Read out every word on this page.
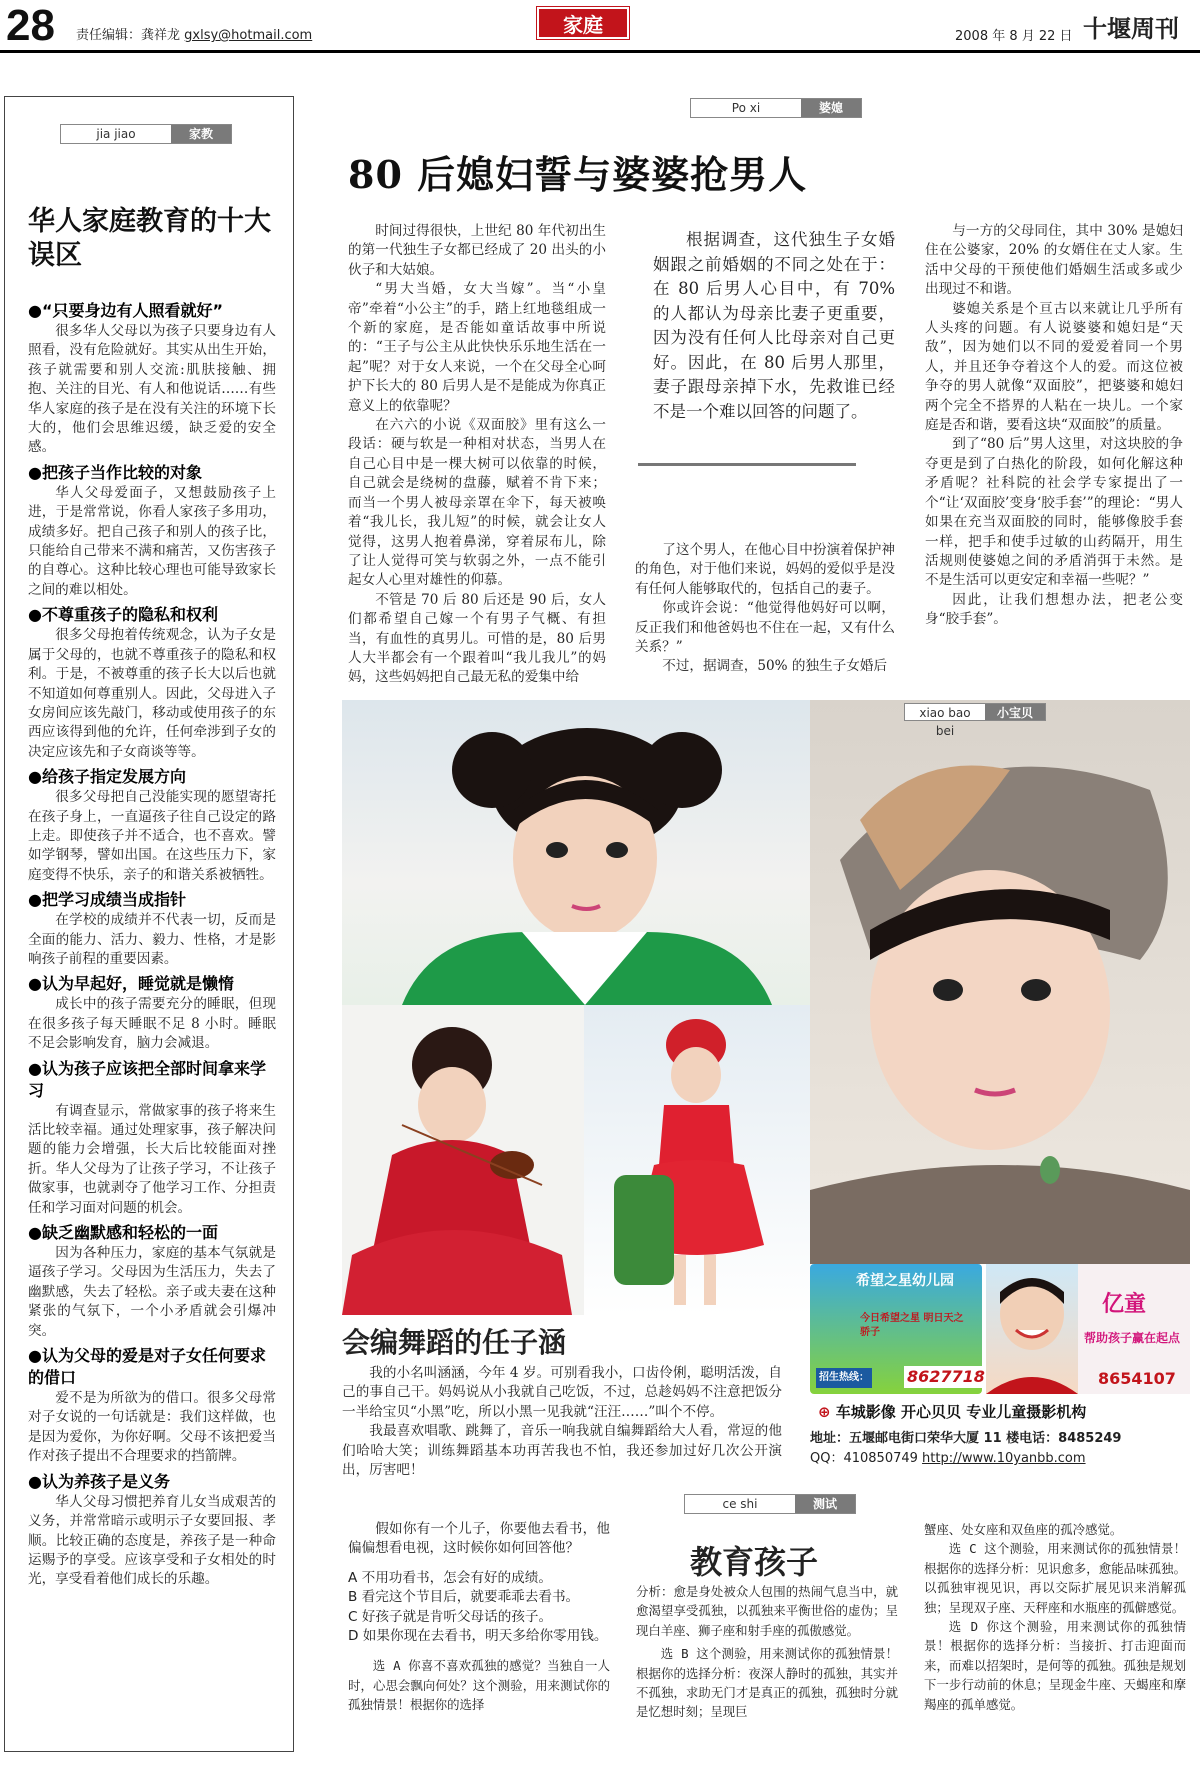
28 责任编辑：龚祥龙 gxlsy@hotmail.com	家庭	2008 年 8 月 22 日 十堰周刊
jia jiao	家教
华人家庭教育的十大误区
●“只要身边有人照看就好”
很多华人父母以为孩子只要身边有人照看，没有危险就好。其实从出生开始，孩子就需要和别人交流:肌肤接触、拥抱、关注的目光、有人和他说话……有些华人家庭的孩子是在没有关注的环境下长大的，他们会思维迟缓，缺乏爱的安全感。
●把孩子当作比较的对象
华人父母爱面子，又想鼓励孩子上进，于是常常说，你看人家孩子多用功，成绩多好。把自己孩子和别人的孩子比，只能给自己带来不满和痛苦，又伤害孩子的自尊心。这种比较心理也可能导致家长之间的难以相处。
●不尊重孩子的隐私和权利
很多父母抱着传统观念，认为子女是属于父母的，也就不尊重孩子的隐私和权利。于是，不被尊重的孩子长大以后也就不知道如何尊重别人。因此，父母进入子女房间应该先敲门，移动或使用孩子的东西应该得到他的允许，任何牵涉到子女的决定应该先和子女商谈等等。
●给孩子指定发展方向
很多父母把自己没能实现的愿望寄托在孩子身上，一直逼孩子往自己设定的路上走。即使孩子并不适合，也不喜欢。譬如学钢琴，譬如出国。在这些压力下，家庭变得不快乐，亲子的和谐关系被牺牲。
●把学习成绩当成指针
在学校的成绩并不代表一切，反而是全面的能力、活力、毅力、性格，才是影响孩子前程的重要因素。
●认为早起好，睡觉就是懒惰
成长中的孩子需要充分的睡眠，但现在很多孩子每天睡眠不足 8 小时。睡眠不足会影响发育，脑力会减退。
●认为孩子应该把全部时间拿来学习
有调查显示，常做家事的孩子将来生活比较幸福。通过处理家事，孩子解决问题的能力会增强，长大后比较能面对挫折。华人父母为了让孩子学习，不让孩子做家事，也就剥夺了他学习工作、分担责任和学习面对问题的机会。
●缺乏幽默感和轻松的一面
因为各种压力，家庭的基本气氛就是逼孩子学习。父母因为生活压力，失去了幽默感，失去了轻松。亲子或夫妻在这种紧张的气氛下，一个小矛盾就会引爆冲突。
●认为父母的爱是对子女任何要求的借口
爱不是为所欲为的借口。很多父母常对子女说的一句话就是：我们这样做，也是因为爱你，为你好啊。父母不该把爱当作对孩子提出不合理要求的挡箭牌。
●认为养孩子是义务
华人父母习惯把养育儿女当成艰苦的义务，并常常暗示或明示子女要回报、孝顺。比较正确的态度是，养孩子是一种命运赐予的享受。应该享受和子女相处的时光，享受看着他们成长的乐趣。
Po xi	婆媳
80 后媳妇誓与婆婆抢男人
时间过得很快，上世纪 80 年代初出生的第一代独生子女都已经成了 20 出头的小伙子和大姑娘。
“男大当婚，女大当嫁”。当“小皇帝”牵着“小公主”的手，踏上红地毯组成一个新的家庭，是否能如童话故事中所说的：“王子与公主从此快快乐乐地生活在一起”呢？对于女人来说，一个在父母全心呵护下长大的 80 后男人是不是能成为你真正意义上的依靠呢？
在六六的小说《双面胶》里有这么一段话：硬与软是一种相对状态，当男人在自己心目中是一棵大树可以依靠的时候，自己就会是绕树的盘藤，赋着不肯下来；而当一个男人被母亲罩在伞下，每天被唤着“我儿长，我儿短”的时候，就会让女人觉得，这男人抱着鼻涕，穿着尿布儿，除了让人觉得可笑与软弱之外，一点不能引起女人心里对雄性的仰慕。
不管是 70 后 80 后还是 90 后，女人们都希望自己嫁一个有男子气概、有担当，有血性的真男儿。可惜的是，80 后男人大半都会有一个跟着叫“我儿我儿”的妈妈，这些妈妈把自己最无私的爱集中给
根据调查，这代独生子女婚姻跟之前婚姻的不同之处在于：在 80 后男人心目中，有 70% 的人都认为母亲比妻子更重要，因为没有任何人比母亲对自己更好。因此，在 80 后男人那里，妻子跟母亲掉下水，先救谁已经不是一个难以回答的问题了。
了这个男人，在他心目中扮演着保护神的角色，对于他们来说，妈妈的爱似乎是没有任何人能够取代的，包括自己的妻子。
你或许会说：“他觉得他妈好可以啊，反正我们和他爸妈也不住在一起，又有什么关系？”
不过，据调查，50% 的独生子女婚后
与一方的父母同住，其中 30% 是媳妇住在公婆家，20% 的女婿住在丈人家。生活中父母的干预使他们婚姻生活或多或少出现过不和谐。
婆媳关系是个亘古以来就让几乎所有人头疼的问题。有人说婆婆和媳妇是“天敌”，因为她们以不同的爱爱着同一个男人，并且还争夺着这个人的爱。而这位被争夺的男人就像“双面胶”，把婆婆和媳妇两个完全不搭界的人粘在一块儿。一个家庭是否和谐，要看这块“双面胶”的质量。
到了“80 后”男人这里，对这块胶的争夺更是到了白热化的阶段，如何化解这种矛盾呢？社科院的社会学专家提出了一个“让‘双面胶’变身‘胶手套’”的理论：“男人如果在充当双面胶的同时，能够像胶手套一样，把手和使手过敏的山药隔开，用生活规则使婆媳之间的矛盾消弭于未然。是不是生活可以更安定和幸福一些呢？”
因此，让我们想想办法，把老公变身“胶手套”。
xiao bao bei
小宝贝
希望之星幼儿园
今日希望之星 明日天之骄子
招生热线： 8627718
亿童
帮助孩子赢在起点
8654107
⊕ 车城影像 开心贝贝 专业儿童摄影机构
地址：五堰邮电街口荣华大厦 11 楼电话：8485249
QQ：410850749 http://www.10yanbb.com
会编舞蹈的任子涵
我的小名叫涵涵，今年 4 岁。可别看我小，口齿伶俐，聪明活泼，自己的事自己干。妈妈说从小我就自己吃饭，不过，总趁妈妈不注意把饭分一半给宝贝“小黑”吃，所以小黑一见我就“汪汪……”叫个不停。
我最喜欢唱歌、跳舞了，音乐一响我就自编舞蹈给大人看，常逗的他们哈哈大笑；训练舞蹈基本功再苦我也不怕，我还参加过好几次公开演出，厉害吧！
ce shi	测试
教育孩子
假如你有一个儿子，你要他去看书，他偏偏想看电视，这时候你如何回答他？
A 不用功看书，怎会有好的成绩。
B 看完这个节目后，就要乖乖去看书。
C 好孩子就是肯听父母话的孩子。
D 如果你现在去看书，明天多给你零用钱。
选 A 你喜不喜欢孤独的感觉？当独自一人时，心思会飘向何处？这个测验，用来测试你的孤独情景！根据你的选择
分析：愈是身处被众人包围的热闹气息当中，就愈渴望享受孤独，以孤独来平衡世俗的虚伪；呈现白羊座、狮子座和射手座的孤傲感觉。
选 B 这个测验，用来测试你的孤独情景！根据你的选择分析：夜深人静时的孤独，其实并不孤独，求助无门才是真正的孤独，孤独时分就是忆想时刻；呈现巨
蟹座、处女座和双鱼座的孤冷感觉。
选 C 这个测验，用来测试你的孤独情景！根据你的选择分析：见识愈多，愈能品味孤独。以孤独审视见识，再以交际扩展见识来消解孤独；呈现双子座、天秤座和水瓶座的孤僻感觉。
选 D 你这个测验，用来测试你的孤独情景！根据你的选择分析：当接折、打击迎面而来，而难以招架时，是何等的孤独。孤独是规划下一步行动前的休息；呈现金牛座、天蝎座和摩羯座的孤单感觉。
